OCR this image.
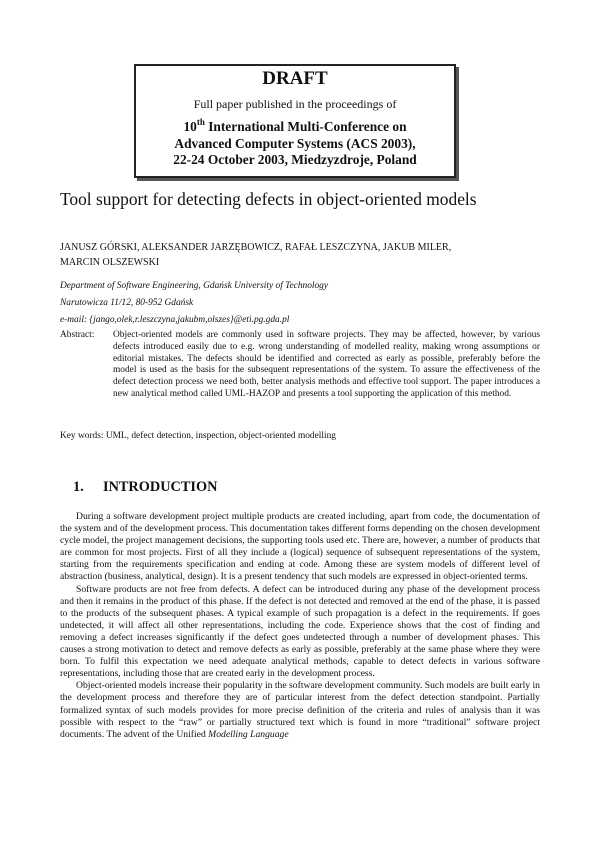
DRAFT
Full paper published in the proceedings of
10th International Multi-Conference on
Advanced Computer Systems (ACS 2003),
22-24 October 2003, Miedzyzdroje, Poland
Tool support for detecting defects in object-oriented models
JANUSZ GÓRSKI, ALEKSANDER JARZĘBOWICZ, RAFAŁ LESZCZYNA, JAKUB MILER,
MARCIN OLSZEWSKI
Department of Software Engineering, Gdańsk University of Technology
Narutowicza 11/12, 80-952 Gdańsk
e-mail: {jango,olek,r.leszczyna,jakubm,olszes}@eti.pg.gda.pl
Abstract: Object-oriented models are commonly used in software projects. They may be affected, however, by various defects introduced easily due to e.g. wrong understanding of modelled reality, making wrong assumptions or editorial mistakes. The defects should be identified and corrected as early as possible, preferably before the model is used as the basis for the subsequent representations of the system. To assure the effectiveness of the defect detection process we need both, better analysis methods and effective tool support. The paper introduces a new analytical method called UML-HAZOP and presents a tool supporting the application of this method.
Key words: UML, defect detection, inspection, object-oriented modelling
1. INTRODUCTION

During a software development project multiple products are created including, apart from code, the documentation of the system and of the development process. This documentation takes different forms depending on the chosen development cycle model, the project management decisions, the supporting tools used etc. There are, however, a number of products that are common for most projects. First of all they include a (logical) sequence of subsequent representations of the system, starting from the requirements specification and ending at code. Among these are system models of different level of abstraction (business, analytical, design). It is a present tendency that such models are expressed in object-oriented terms.

Software products are not free from defects. A defect can be introduced during any phase of the development process and then it remains in the product of this phase. If the defect is not detected and removed at the end of the phase, it is passed to the products of the subsequent phases. A typical example of such propagation is a defect in the requirements. If goes undetected, it will affect all other representations, including the code. Experience shows that the cost of finding and removing a defect increases significantly if the defect goes undetected through a number of development phases. This causes a strong motivation to detect and remove defects as early as possible, preferably at the same phase where they were born. To fulfil this expectation we need adequate analytical methods, capable to detect defects in various software representations, including those that are created early in the development process.

Object-oriented models increase their popularity in the software development community. Such models are built early in the development process and therefore they are of particular interest from the defect detection standpoint. Partially formalized syntax of such models provides for more precise definition of the criteria and rules of analysis than it was possible with respect to the “raw” or partially structured text which is found in more “traditional” software project documents. The advent of the Unified Modelling Language
